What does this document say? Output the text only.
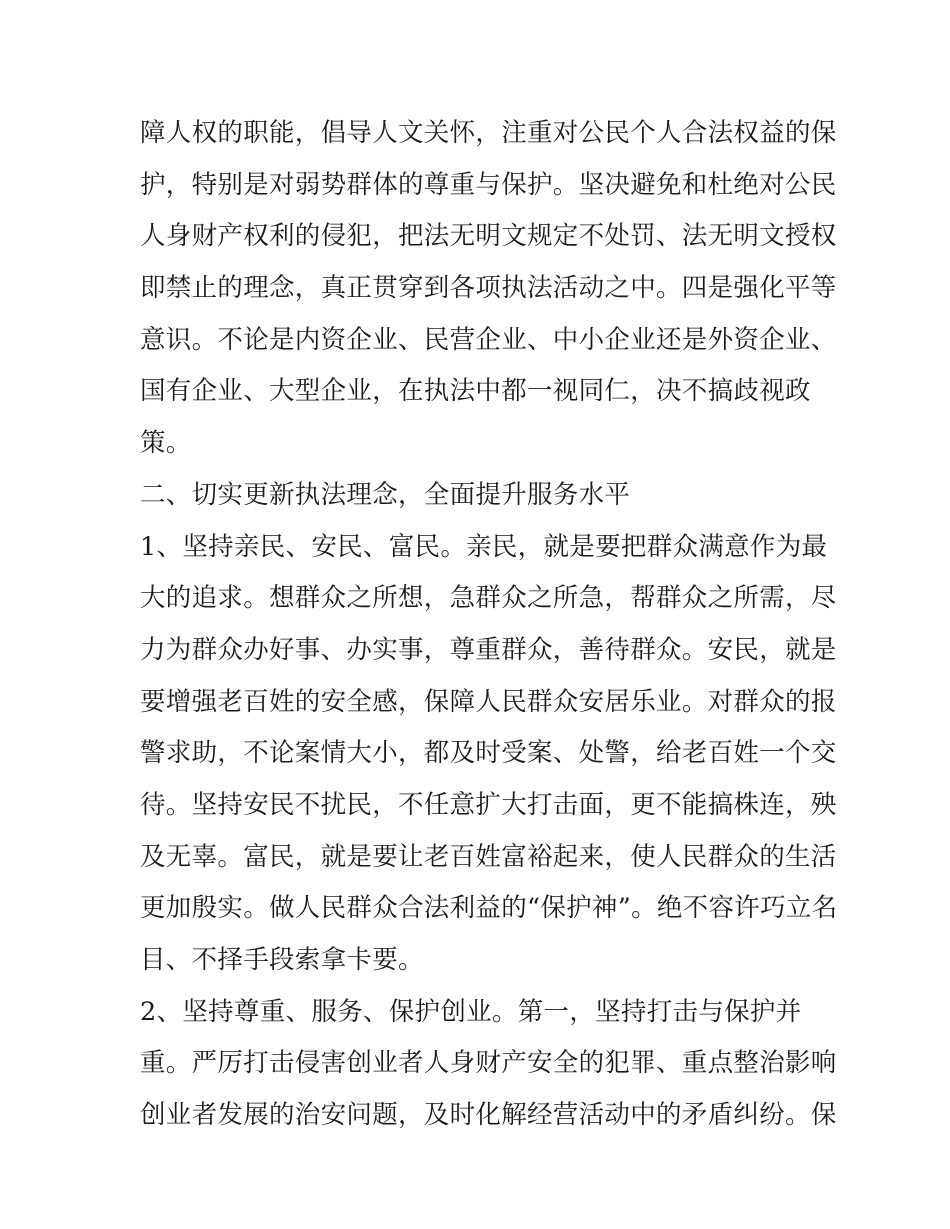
障人权的职能，倡导人文关怀，注重对公民个人合法权益的保
护，特别是对弱势群体的尊重与保护。坚决避免和杜绝对公民
人身财产权利的侵犯，把法无明文规定不处罚、法无明文授权
即禁止的理念，真正贯穿到各项执法活动之中。四是强化平等
意识。不论是内资企业、民营企业、中小企业还是外资企业、
国有企业、大型企业，在执法中都一视同仁，决不搞歧视政
策。
二、切实更新执法理念，全面提升服务水平
1、坚持亲民、安民、富民。亲民，就是要把群众满意作为最
大的追求。想群众之所想，急群众之所急，帮群众之所需，尽
力为群众办好事、办实事，尊重群众，善待群众。安民，就是
要增强老百姓的安全感，保障人民群众安居乐业。对群众的报
警求助，不论案情大小，都及时受案、处警，给老百姓一个交
待。坚持安民不扰民，不任意扩大打击面，更不能搞株连，殃
及无辜。富民，就是要让老百姓富裕起来，使人民群众的生活
更加殷实。做人民群众合法利益的“保护神”。绝不容许巧立名
目、不择手段索拿卡要。
2、坚持尊重、服务、保护创业。第一，坚持打击与保护并
重。严厉打击侵害创业者人身财产安全的犯罪、重点整治影响
创业者发展的治安问题，及时化解经营活动中的矛盾纠纷。保
